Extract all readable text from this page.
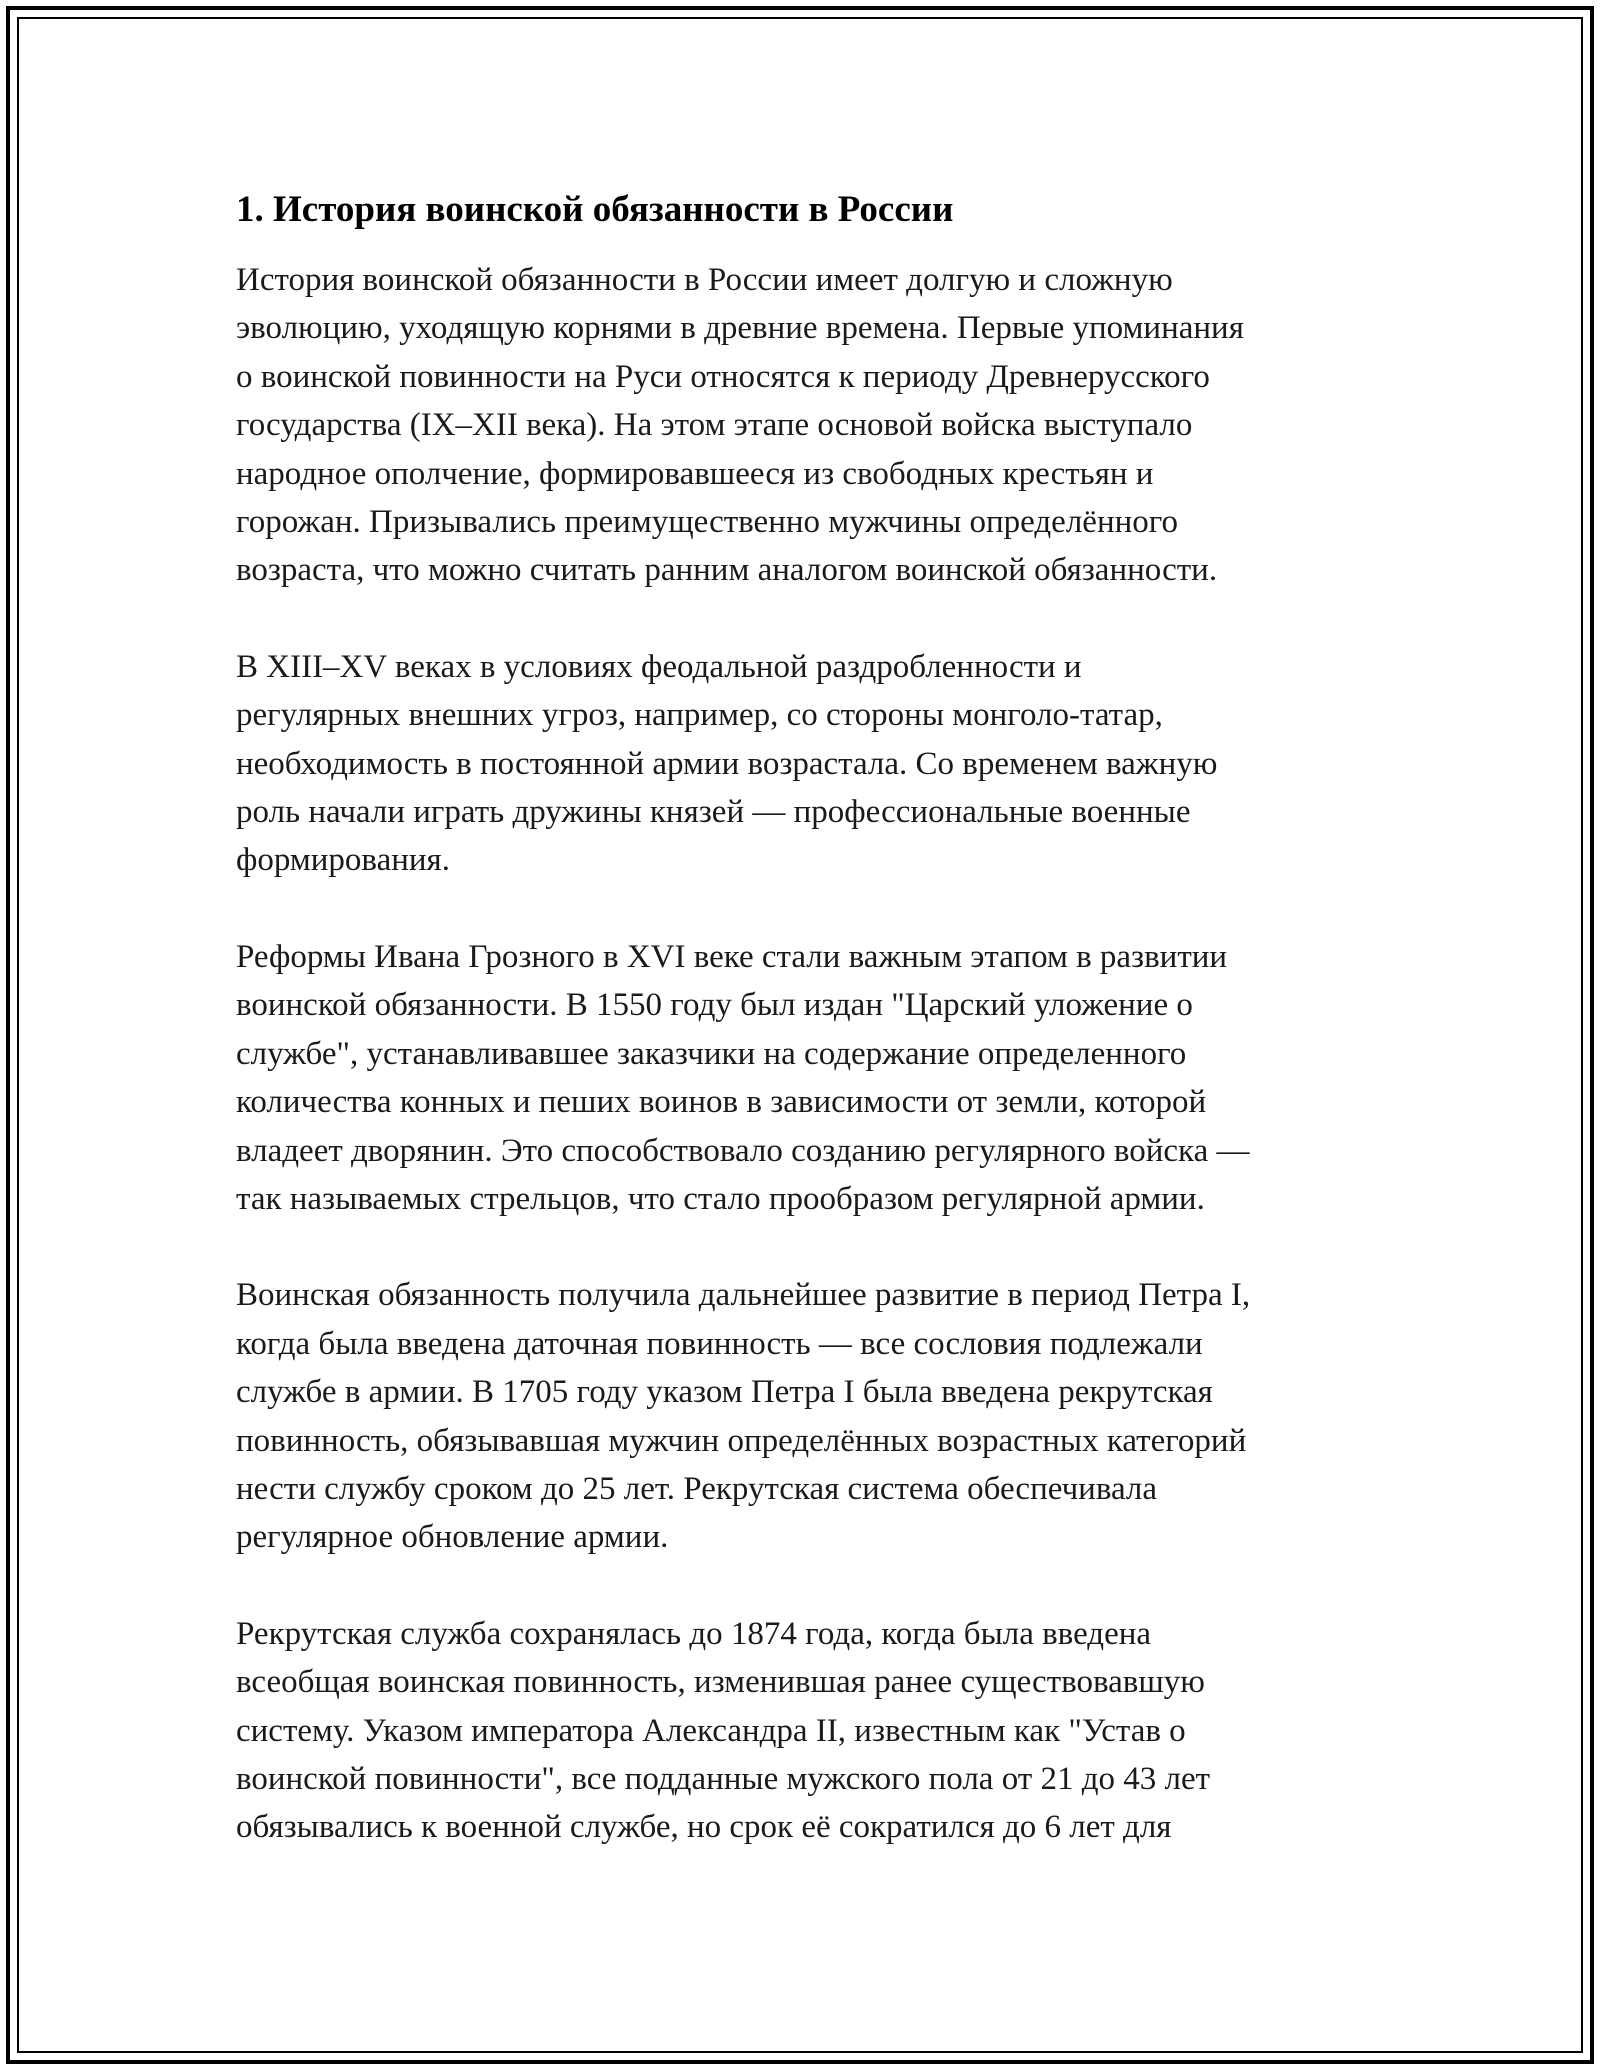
1. История воинской обязанности в России

История воинской обязанности в России имеет долгую и сложную
эволюцию, уходящую корнями в древние времена. Первые упоминания
о воинской повинности на Руси относятся к периоду Древнерусского
государства (IX–XII века). На этом этапе основой войска выступало
народное ополчение, формировавшееся из свободных крестьян и
горожан. Призывались преимущественно мужчины определённого
возраста, что можно считать ранним аналогом воинской обязанности.

В XIII–XV веках в условиях феодальной раздробленности и
регулярных внешних угроз, например, со стороны монголо-татар,
необходимость в постоянной армии возрастала. Со временем важную
роль начали играть дружины князей — профессиональные военные
формирования.

Реформы Ивана Грозного в XVI веке стали важным этапом в развитии
воинской обязанности. В 1550 году был издан "Царский уложение о
службе", устанавливавшее заказчики на содержание определенного
количества конных и пеших воинов в зависимости от земли, которой
владеет дворянин. Это способствовало созданию регулярного войска —
так называемых стрельцов, что стало прообразом регулярной армии.

Воинская обязанность получила дальнейшее развитие в период Петра I,
когда была введена даточная повинность — все сословия подлежали
службе в армии. В 1705 году указом Петра I была введена рекрутская
повинность, обязывавшая мужчин определённых возрастных категорий
нести службу сроком до 25 лет. Рекрутская система обеспечивала
регулярное обновление армии.

Рекрутская служба сохранялась до 1874 года, когда была введена
всеобщая воинская повинность, изменившая ранее существовавшую
систему. Указом императора Александра II, известным как "Устав о
воинской повинности", все подданные мужского пола от 21 до 43 лет
обязывались к военной службе, но срок её сократился до 6 лет для
